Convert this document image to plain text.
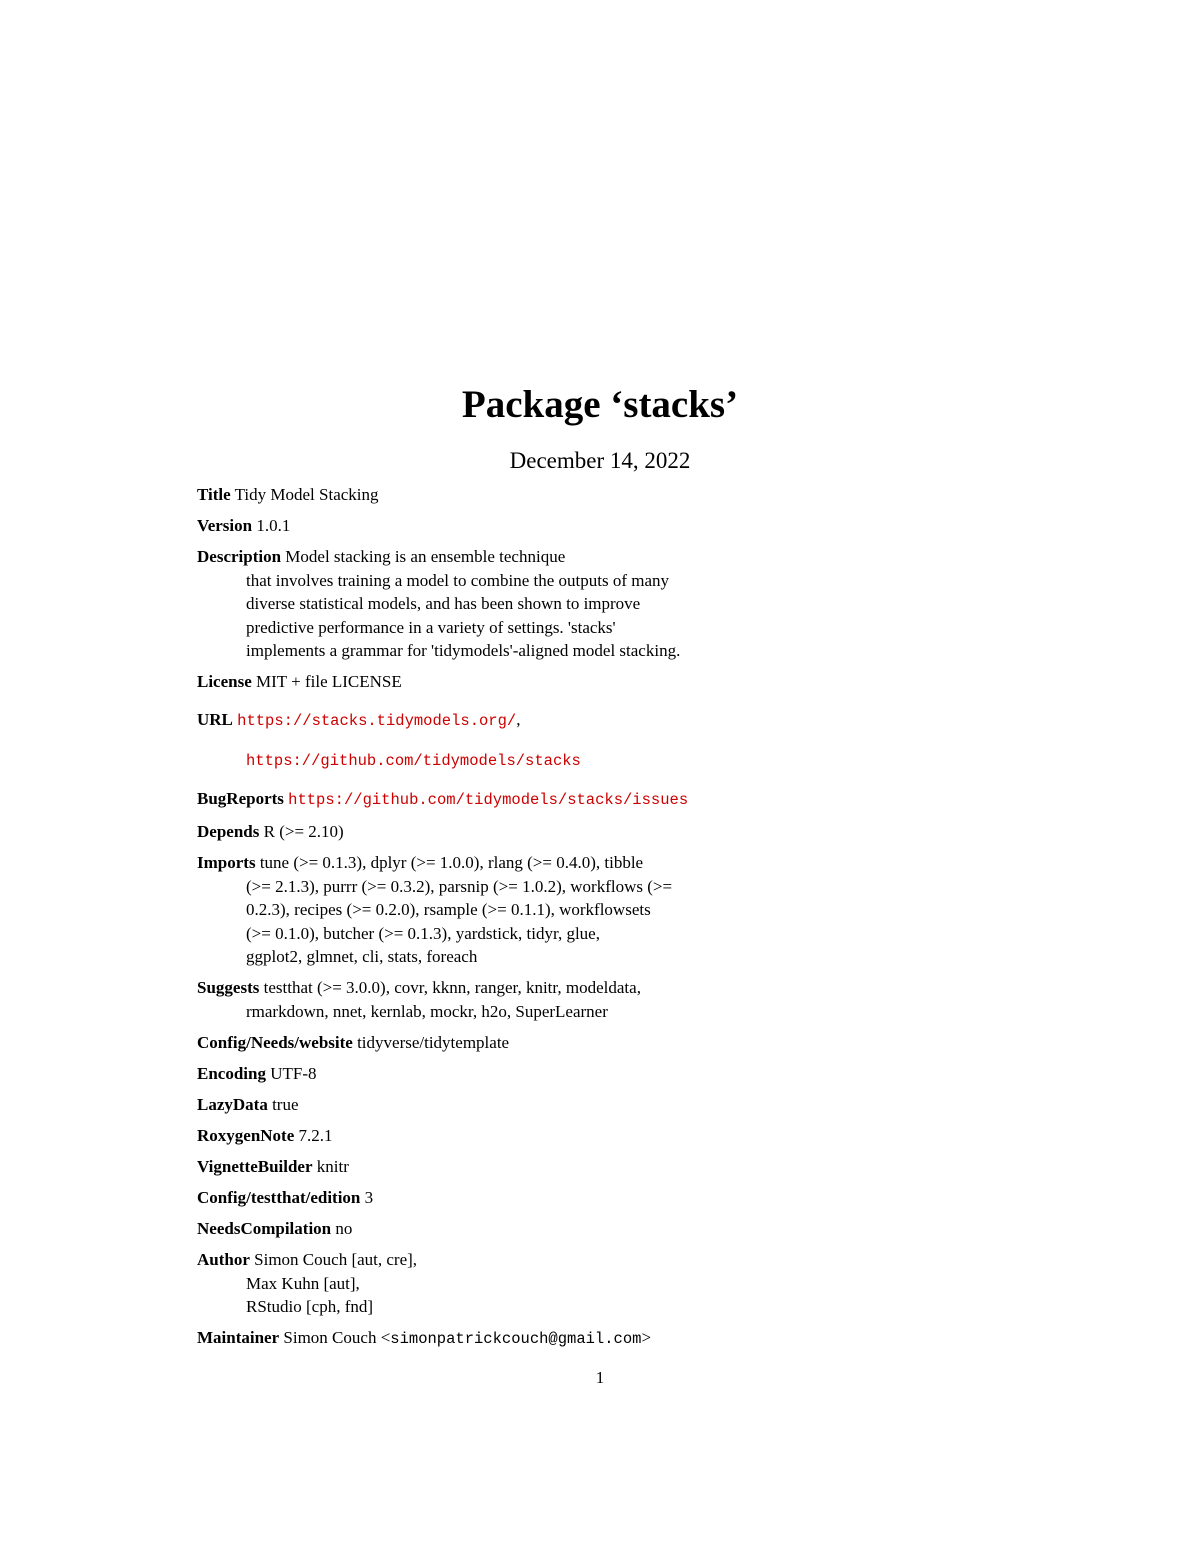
Package ‘stacks’
December 14, 2022
Title Tidy Model Stacking
Version 1.0.1
Description Model stacking is an ensemble technique
that involves training a model to combine the outputs of many
diverse statistical models, and has been shown to improve
predictive performance in a variety of settings. 'stacks'
implements a grammar for 'tidymodels'-aligned model stacking.
License MIT + file LICENSE
URL https://stacks.tidymodels.org/,
https://github.com/tidymodels/stacks
BugReports https://github.com/tidymodels/stacks/issues
Depends R (>= 2.10)
Imports tune (>= 0.1.3), dplyr (>= 1.0.0), rlang (>= 0.4.0), tibble
(>= 2.1.3), purrr (>= 0.3.2), parsnip (>= 1.0.2), workflows (>=
0.2.3), recipes (>= 0.2.0), rsample (>= 0.1.1), workflowsets
(>= 0.1.0), butcher (>= 0.1.3), yardstick, tidyr, glue,
ggplot2, glmnet, cli, stats, foreach
Suggests testthat (>= 3.0.0), covr, kknn, ranger, knitr, modeldata,
rmarkdown, nnet, kernlab, mockr, h2o, SuperLearner
Config/Needs/website tidyverse/tidytemplate
Encoding UTF-8
LazyData true
RoxygenNote 7.2.1
VignetteBuilder knitr
Config/testthat/edition 3
NeedsCompilation no
Author Simon Couch [aut, cre],
Max Kuhn [aut],
RStudio [cph, fnd]
Maintainer Simon Couch <simonpatrickcouch@gmail.com>
1
